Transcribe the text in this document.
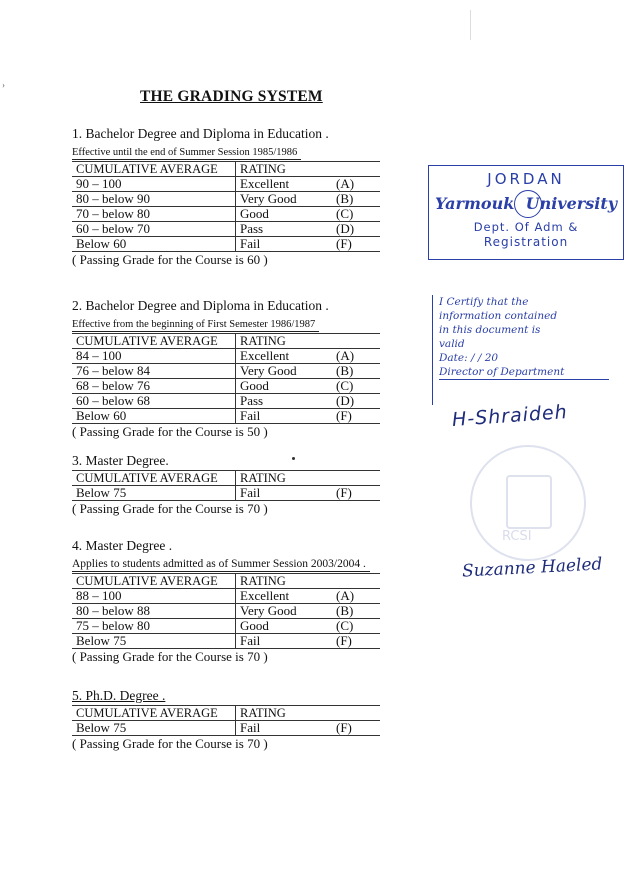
›
THE GRADING SYSTEM
1. Bachelor Degree and Diploma in Education .
Effective until the end of Summer Session 1985/1986
CUMULATIVE AVERAGE	RATING	
90 – 100	Excellent	(A)
80 – below 90	Very Good	(B)
70 – below 80	Good	(C)
60 – below 70	Pass	(D)
Below 60	Fail	(F)
( Passing Grade for the Course is 60 )
2. Bachelor Degree and Diploma in Education .
Effective from the beginning of First Semester 1986/1987
CUMULATIVE AVERAGE	RATING	
84 – 100	Excellent	(A)
76 – below 84	Very Good	(B)
68 – below 76	Good	(C)
60 – below 68	Pass	(D)
Below 60	Fail	(F)
( Passing Grade for the Course is 50 )
3. Master Degree.
CUMULATIVE AVERAGE	RATING	
Below 75	Fail	(F)
( Passing Grade for the Course is 70 )
4. Master Degree .
Applies to students admitted as of Summer Session 2003/2004 .
CUMULATIVE AVERAGE	RATING	
88 – 100	Excellent	(A)
80 – below 88	Very Good	(B)
75 – below 80	Good	(C)
Below 75	Fail	(F)
( Passing Grade for the Course is 70 )
5. Ph.D. Degree .
CUMULATIVE AVERAGE	RATING	
Below 75	Fail	(F)
( Passing Grade for the Course is 70 )
JORDAN
Yarmouk University
Dept. Of Adm &
Registration
I Certify that the
information contained
in this document is
valid
Date: / / 20
Director of Department
H-Shraideh
RCSI
Suzanne Haeled
